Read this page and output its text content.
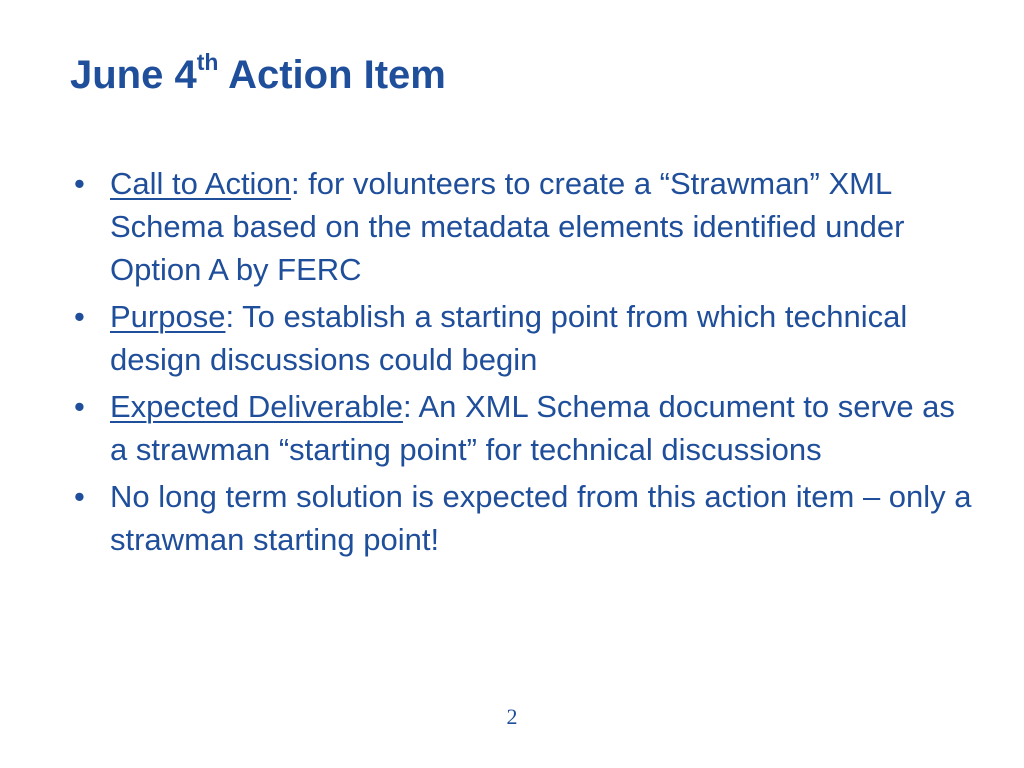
June 4th Action Item
• Call to Action: for volunteers to create a “Strawman” XML Schema based on the metadata elements identified under Option A by FERC
• Purpose: To establish a starting point from which technical design discussions could begin
• Expected Deliverable: An XML Schema document to serve as a strawman “starting point” for technical discussions
• No long term solution is expected from this action item – only a strawman starting point!
2
